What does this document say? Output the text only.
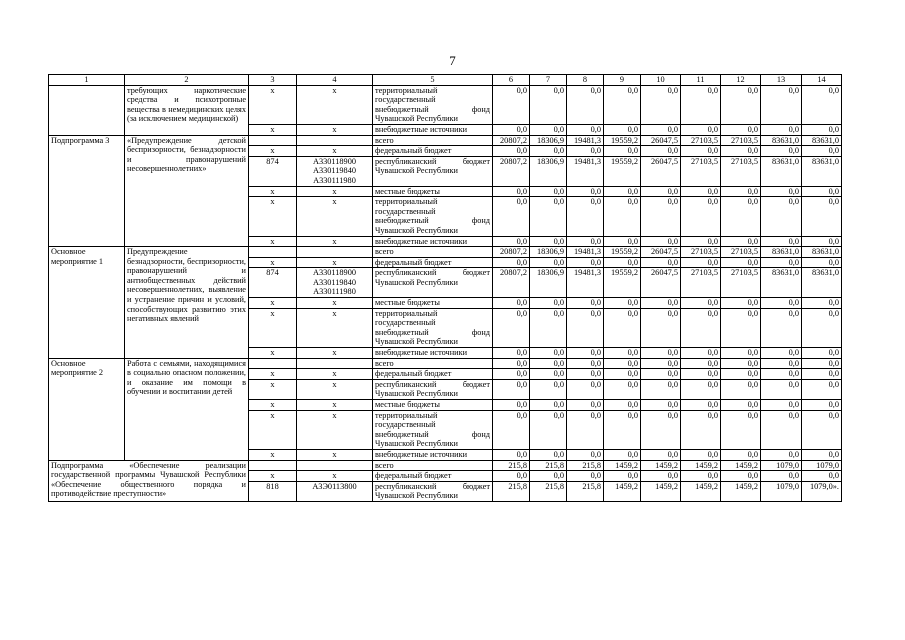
7
1	2	3	4	5	6	7	8	9	10	11	12	13	14
	требующих наркотические средства и психотропные вещества в немедицинских целях (за исключением медицинской)	х	х	территориальный государственный внебюджетный фонд Чувашской Республики	0,0	0,0	0,0	0,0	0,0	0,0	0,0	0,0	0,0
		х	х	внебюджетные источники	0,0	0,0	0,0	0,0	0,0	0,0	0,0	0,0	0,0
Подпрограмма 3	«Предупреждение детской беспризорности, безнадзорности и правонарушений несовершеннолетних»			всего	20807,2	18306,9	19481,3	19559,2	26047,5	27103,5	27103,5	83631,0	83631,0
		х	х	федеральный бюджет	0,0	0,0	0,0	0,0	0,0	0,0	0,0	0,0	0,0
		874	А330118900 А330119840 А330111980	республиканский бюджет Чувашской Республики	20807,2	18306,9	19481,3	19559,2	26047,5	27103,5	27103,5	83631,0	83631,0
		х	х	местные бюджеты	0,0	0,0	0,0	0,0	0,0	0,0	0,0	0,0	0,0
		х	х	территориальный государственный внебюджетный фонд Чувашской Республики	0,0	0,0	0,0	0,0	0,0	0,0	0,0	0,0	0,0
		х	х	внебюджетные источники	0,0	0,0	0,0	0,0	0,0	0,0	0,0	0,0	0,0
Основное мероприятие 1	Предупреждение безнадзорности, беспризорности, правонарушений и антиобщественных действий несовершеннолетних, выявление и устранение причин и условий, способствующих развитию этих негативных явлений			всего	20807,2	18306,9	19481,3	19559,2	26047,5	27103,5	27103,5	83631,0	83631,0
		х	х	федеральный бюджет	0,0	0,0	0,0	0,0	0,0	0,0	0,0	0,0	0,0
		874	А330118900 А330119840 А330111980	республиканский бюджет Чувашской Республики	20807,2	18306,9	19481,3	19559,2	26047,5	27103,5	27103,5	83631,0	83631,0
		х	х	местные бюджеты	0,0	0,0	0,0	0,0	0,0	0,0	0,0	0,0	0,0
		х	х	территориальный государственный внебюджетный фонд Чувашской Республики	0,0	0,0	0,0	0,0	0,0	0,0	0,0	0,0	0,0
		х	х	внебюджетные источники	0,0	0,0	0,0	0,0	0,0	0,0	0,0	0,0	0,0
Основное мероприятие 2	Работа с семьями, находящимися в социально опасном положении, и оказание им помощи в обучении и воспитании детей			всего	0,0	0,0	0,0	0,0	0,0	0,0	0,0	0,0	0,0
		х	х	федеральный бюджет	0,0	0,0	0,0	0,0	0,0	0,0	0,0	0,0	0,0
		х	х	республиканский бюджет Чувашской Республики	0,0	0,0	0,0	0,0	0,0	0,0	0,0	0,0	0,0
		х	х	местные бюджеты	0,0	0,0	0,0	0,0	0,0	0,0	0,0	0,0	0,0
		х	х	территориальный государственный внебюджетный фонд Чувашской Республики	0,0	0,0	0,0	0,0	0,0	0,0	0,0	0,0	0,0
		х	х	внебюджетные источники	0,0	0,0	0,0	0,0	0,0	0,0	0,0	0,0	0,0
Подпрограмма «Обеспечение реализации государственной программы Чувашской Республики «Обеспечение общественного порядка и противодействие преступности»				всего	215,8	215,8	215,8	1459,2	1459,2	1459,2	1459,2	1079,0	1079,0
		х	х	федеральный бюджет	0,0	0,0	0,0	0,0	0,0	0,0	0,0	0,0	0,0
		818	А3Э0113800	республиканский бюджет Чувашской Республики	215,8	215,8	215,8	1459,2	1459,2	1459,2	1459,2	1079,0	1079,0».
